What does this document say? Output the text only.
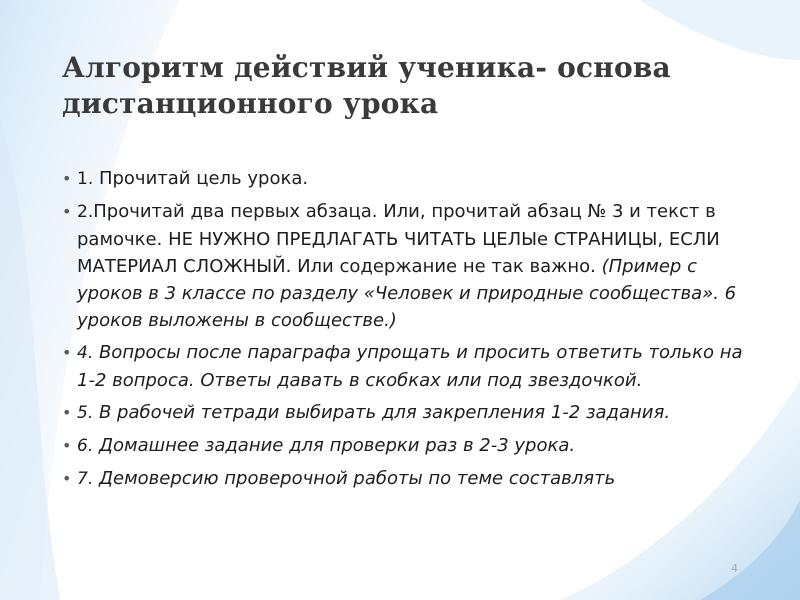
Алгоритм действий ученика- основа дистанционного урока
• 1. Прочитай цель урока.
• 2.Прочитай два первых абзаца. Или, прочитай абзац № 3 и текст в рамочке. НЕ НУЖНО ПРЕДЛАГАТЬ ЧИТАТЬ ЦЕЛЫе СТРАНИЦЫ, ЕСЛИ МАТЕРИАЛ СЛОЖНЫЙ. Или содержание не так важно. (Пример с уроков в 3 классе по разделу «Человек и природные сообщества». 6 уроков выложены в сообществе.)
• 4. Вопросы после параграфа упрощать и просить ответить только на 1-2 вопроса. Ответы давать в скобках или под звездочкой.
• 5. В рабочей тетради выбирать для закрепления 1-2 задания.
• 6. Домашнее задание для проверки раз в 2-3 урока.
• 7. Демоверсию проверочной работы по теме составлять
4
